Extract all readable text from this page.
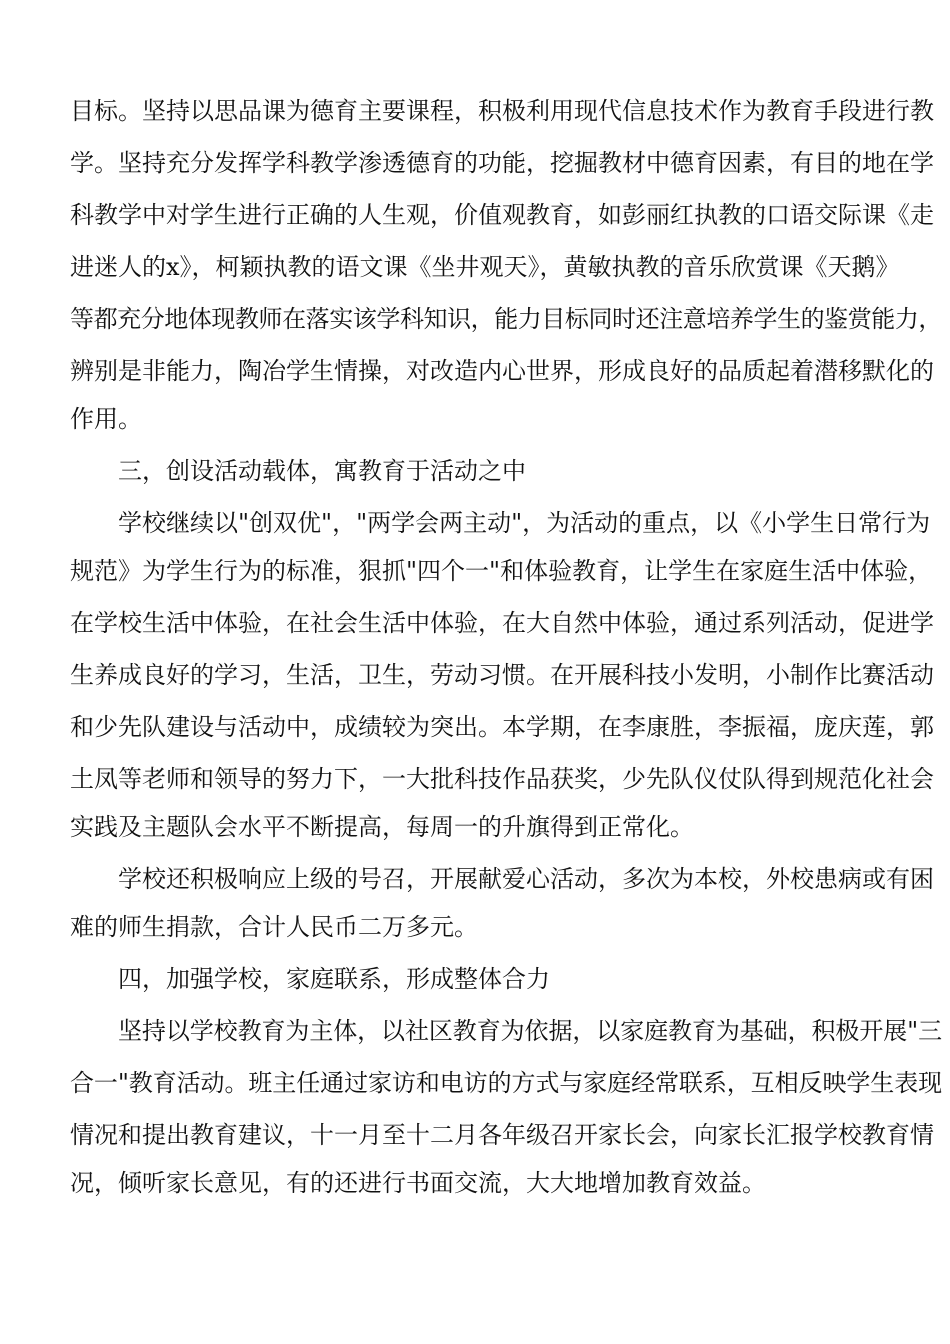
目标。坚持以思品课为德育主要课程，积极利用现代信息技术作为教育手段进行教
学。坚持充分发挥学科教学渗透德育的功能，挖掘教材中德育因素，有目的地在学
科教学中对学生进行正确的人生观，价值观教育，如彭丽红执教的口语交际课《走
进迷人的x》，柯颖执教的语文课《坐井观天》，黄敏执教的音乐欣赏课《天鹅》
等都充分地体现教师在落实该学科知识，能力目标同时还注意培养学生的鉴赏能力，
辨别是非能力，陶冶学生情操，对改造内心世界，形成良好的品质起着潜移默化的
作用。
三，创设活动载体，寓教育于活动之中
学校继续以"创双优"，"两学会两主动"，为活动的重点，以《小学生日常行为
规范》为学生行为的标准，狠抓"四个一"和体验教育，让学生在家庭生活中体验，
在学校生活中体验，在社会生活中体验，在大自然中体验，通过系列活动，促进学
生养成良好的学习，生活，卫生，劳动习惯。在开展科技小发明，小制作比赛活动
和少先队建设与活动中，成绩较为突出。本学期，在李康胜，李振福，庞庆莲，郭
土凤等老师和领导的努力下，一大批科技作品获奖，少先队仪仗队得到规范化社会
实践及主题队会水平不断提高，每周一的升旗得到正常化。
学校还积极响应上级的号召，开展献爱心活动，多次为本校，外校患病或有困
难的师生捐款，合计人民币二万多元。
四，加强学校，家庭联系，形成整体合力
坚持以学校教育为主体，以社区教育为依据，以家庭教育为基础，积极开展"三
合一"教育活动。班主任通过家访和电访的方式与家庭经常联系，互相反映学生表现
情况和提出教育建议，十一月至十二月各年级召开家长会，向家长汇报学校教育情
况，倾听家长意见，有的还进行书面交流，大大地增加教育效益。
